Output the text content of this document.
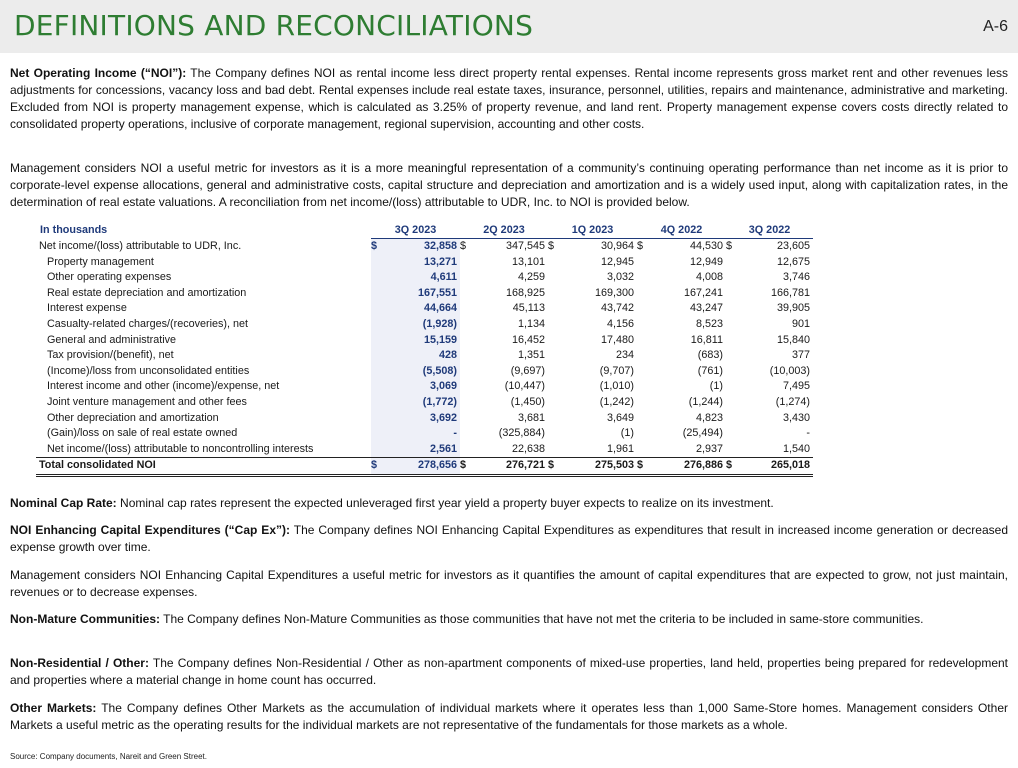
DEFINITIONS AND RECONCILIATIONS	A-6

Net Operating Income (“NOI”): The Company defines NOI as rental income less direct property rental expenses. Rental income represents gross market rent and other revenues less adjustments for concessions, vacancy loss and bad debt. Rental expenses include real estate taxes, insurance, personnel, utilities, repairs and maintenance, administrative and marketing. Excluded from NOI is property management expense, which is calculated as 3.25% of property revenue, and land rent. Property management expense covers costs directly related to consolidated property operations, inclusive of corporate management, regional supervision, accounting and other costs.

Management considers NOI a useful metric for investors as it is a more meaningful representation of a community’s continuing operating performance than net income as it is prior to corporate-level expense allocations, general and administrative costs, capital structure and depreciation and amortization and is a widely used input, along with capitalization rates, in the determination of real estate valuations. A reconciliation from net income/(loss) attributable to UDR, Inc. to NOI is provided below.

In thousands	3Q 2023		2Q 2023		1Q 2023		4Q 2022		3Q 2022	
Net income/(loss) attributable to UDR, Inc.	$	32,858	$	347,545	$	30,964	$	44,530	$	23,605
Property management		13,271		13,101		12,945		12,949		12,675
Other operating expenses		4,611		4,259		3,032		4,008		3,746
Real estate depreciation and amortization		167,551		168,925		169,300		167,241		166,781
Interest expense		44,664		45,113		43,742		43,247		39,905
Casualty-related charges/(recoveries), net		(1,928)		1,134		4,156		8,523		901
General and administrative		15,159		16,452		17,480		16,811		15,840
Tax provision/(benefit), net		428		1,351		234		(683)		377
(Income)/loss from unconsolidated entities		(5,508)		(9,697)		(9,707)		(761)		(10,003)
Interest income and other (income)/expense, net		3,069		(10,447)		(1,010)		(1)		7,495
Joint venture management and other fees		(1,772)		(1,450)		(1,242)		(1,244)		(1,274)
Other depreciation and amortization		3,692		3,681		3,649		4,823		3,430
(Gain)/loss on sale of real estate owned		-		(325,884)		(1)		(25,494)		-
Net income/(loss) attributable to noncontrolling interests		2,561		22,638		1,961		2,937		1,540
Total consolidated NOI	$	278,656	$	276,721	$	275,503	$	276,886	$	265,018

Nominal Cap Rate: Nominal cap rates represent the expected unleveraged first year yield a property buyer expects to realize on its investment.

NOI Enhancing Capital Expenditures (“Cap Ex”): The Company defines NOI Enhancing Capital Expenditures as expenditures that result in increased income generation or decreased expense growth over time.

Management considers NOI Enhancing Capital Expenditures a useful metric for investors as it quantifies the amount of capital expenditures that are expected to grow, not just maintain, revenues or to decrease expenses.

Non-Mature Communities: The Company defines Non-Mature Communities as those communities that have not met the criteria to be included in same-store communities.

Non-Residential / Other: The Company defines Non-Residential / Other as non-apartment components of mixed-use properties, land held, properties being prepared for redevelopment and properties where a material change in home count has occurred.

Other Markets: The Company defines Other Markets as the accumulation of individual markets where it operates less than 1,000 Same-Store homes. Management considers Other Markets a useful metric as the operating results for the individual markets are not representative of the fundamentals for those markets as a whole.

Source: Company documents, Nareit and Green Street.
